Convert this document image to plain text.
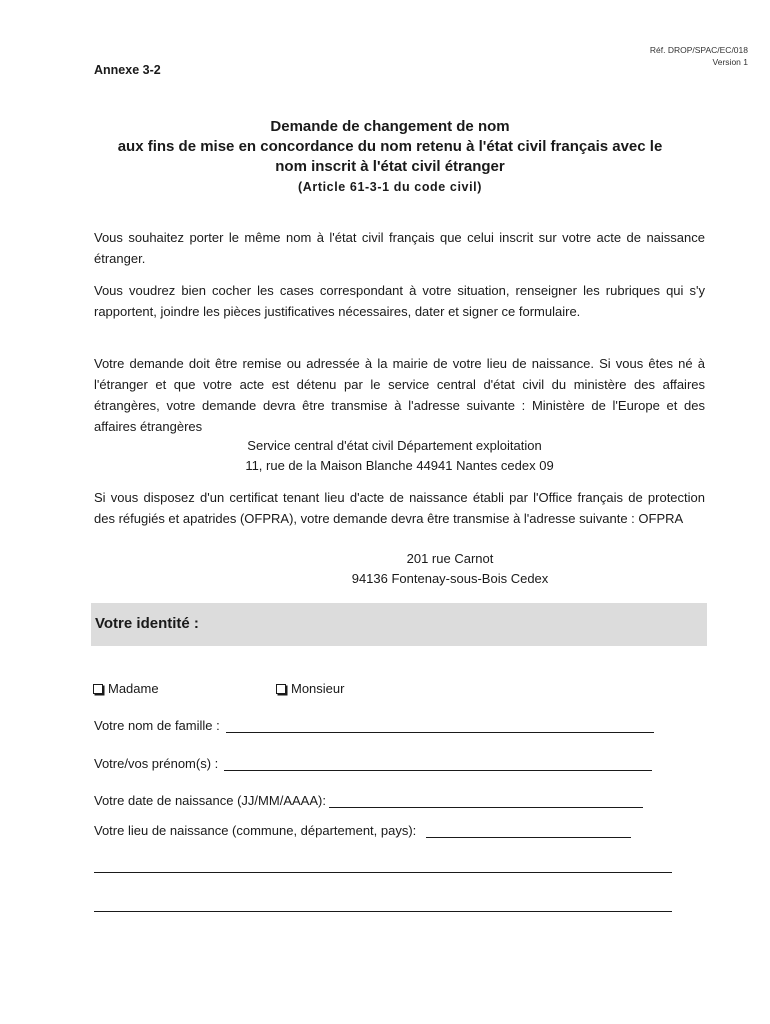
Réf. DROP/SPAC/EC/018
Version 1
Annexe 3-2
Demande de changement de nom
aux fins de mise en concordance du nom retenu à l'état civil français avec le
nom inscrit à l'état civil étranger
(Article 61-3-1 du code civil)
Vous souhaitez porter le même nom à l'état civil français que celui inscrit sur votre acte de naissance étranger.
Vous voudrez bien cocher les cases correspondant à votre situation, renseigner les rubriques qui s'y rapportent, joindre les pièces justificatives nécessaires, dater et signer ce formulaire.
Votre demande doit être remise ou adressée à la mairie de votre lieu de naissance. Si vous êtes né à l'étranger et que votre acte est détenu par le service central d'état civil du ministère des affaires étrangères, votre demande devra être transmise à l'adresse suivante : Ministère de l'Europe et des affaires étrangères
Service central d'état civil Département exploitation
11, rue de la Maison Blanche 44941 Nantes cedex 09
Si vous disposez d'un certificat tenant lieu d'acte de naissance établi par l'Office français de protection des réfugiés et apatrides (OFPRA), votre demande devra être transmise à l'adresse suivante : OFPRA
201 rue Carnot
94136 Fontenay-sous-Bois Cedex
Votre identité :
Madame	Monsieur
Votre nom de famille :
Votre/vos prénom(s) :
Votre date de naissance (JJ/MM/AAAA):
Votre lieu de naissance (commune, département, pays):
